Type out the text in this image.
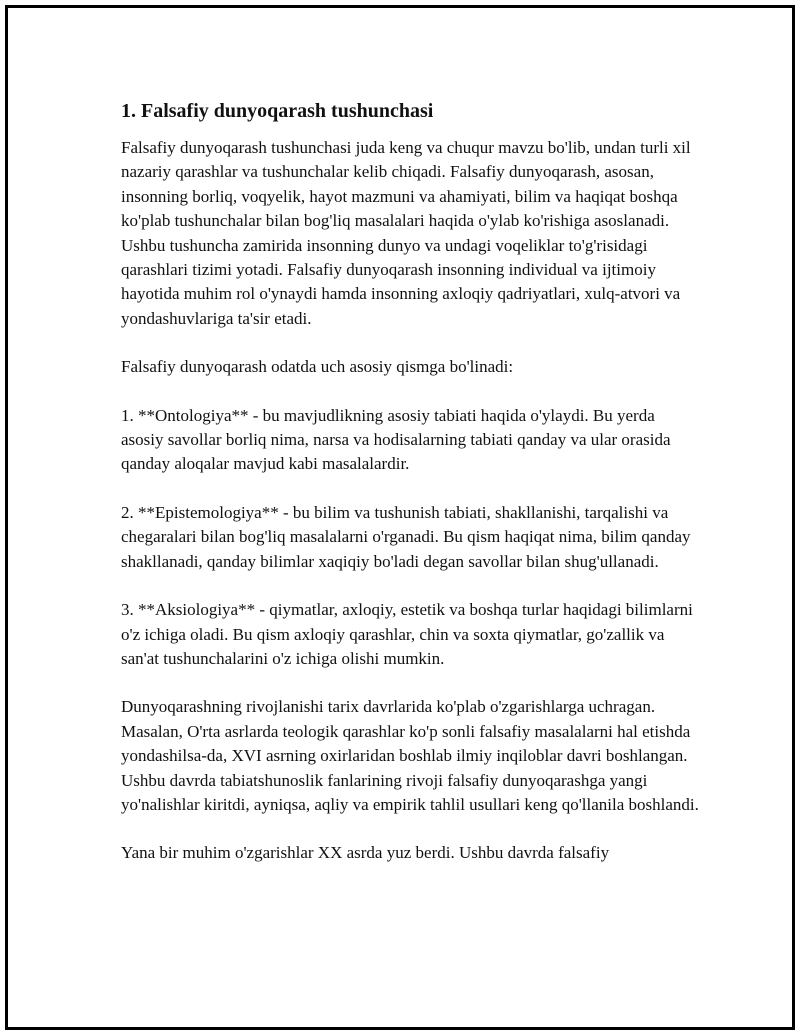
1. Falsafiy dunyoqarash tushunchasi

Falsafiy dunyoqarash tushunchasi juda keng va chuqur mavzu bo'lib, undan turli xil nazariy qarashlar va tushunchalar kelib chiqadi. Falsafiy dunyoqarash, asosan, insonning borliq, voqyelik, hayot mazmuni va ahamiyati, bilim va haqiqat boshqa ko'plab tushunchalar bilan bog'liq masalalari haqida o'ylab ko'rishiga asoslanadi. Ushbu tushuncha zamirida insonning dunyo va undagi voqeliklar to'g'risidagi qarashlari tizimi yotadi. Falsafiy dunyoqarash insonning individual va ijtimoiy hayotida muhim rol o'ynaydi hamda insonning axloqiy qadriyatlari, xulq-atvori va yondashuvlariga ta'sir etadi.

Falsafiy dunyoqarash odatda uch asosiy qismga bo'linadi:

1. **Ontologiya** - bu mavjudlikning asosiy tabiati haqida o'ylaydi. Bu yerda asosiy savollar borliq nima, narsa va hodisalarning tabiati qanday va ular orasida qanday aloqalar mavjud kabi masalalardir.

2. **Epistemologiya** - bu bilim va tushunish tabiati, shakllanishi, tarqalishi va chegaralari bilan bog'liq masalalarni o'rganadi. Bu qism haqiqat nima, bilim qanday shakllanadi, qanday bilimlar xaqiqiy bo'ladi degan savollar bilan shug'ullanadi.

3. **Aksiologiya** - qiymatlar, axloqiy, estetik va boshqa turlar haqidagi bilimlarni o'z ichiga oladi. Bu qism axloqiy qarashlar, chin va soxta qiymatlar, go'zallik va san'at tushunchalarini o'z ichiga olishi mumkin.

Dunyoqarashning rivojlanishi tarix davrlarida ko'plab o'zgarishlarga uchragan. Masalan, O'rta asrlarda teologik qarashlar ko'p sonli falsafiy masalalarni hal etishda yondashilsa-da, XVI asrning oxirlaridan boshlab ilmiy inqiloblar davri boshlangan. Ushbu davrda tabiatshunoslik fanlarining rivoji falsafiy dunyoqarashga yangi yo'nalishlar kiritdi, ayniqsa, aqliy va empirik tahlil usullari keng qo'llanila boshlandi.

Yana bir muhim o'zgarishlar XX asrda yuz berdi. Ushbu davrda falsafiy
